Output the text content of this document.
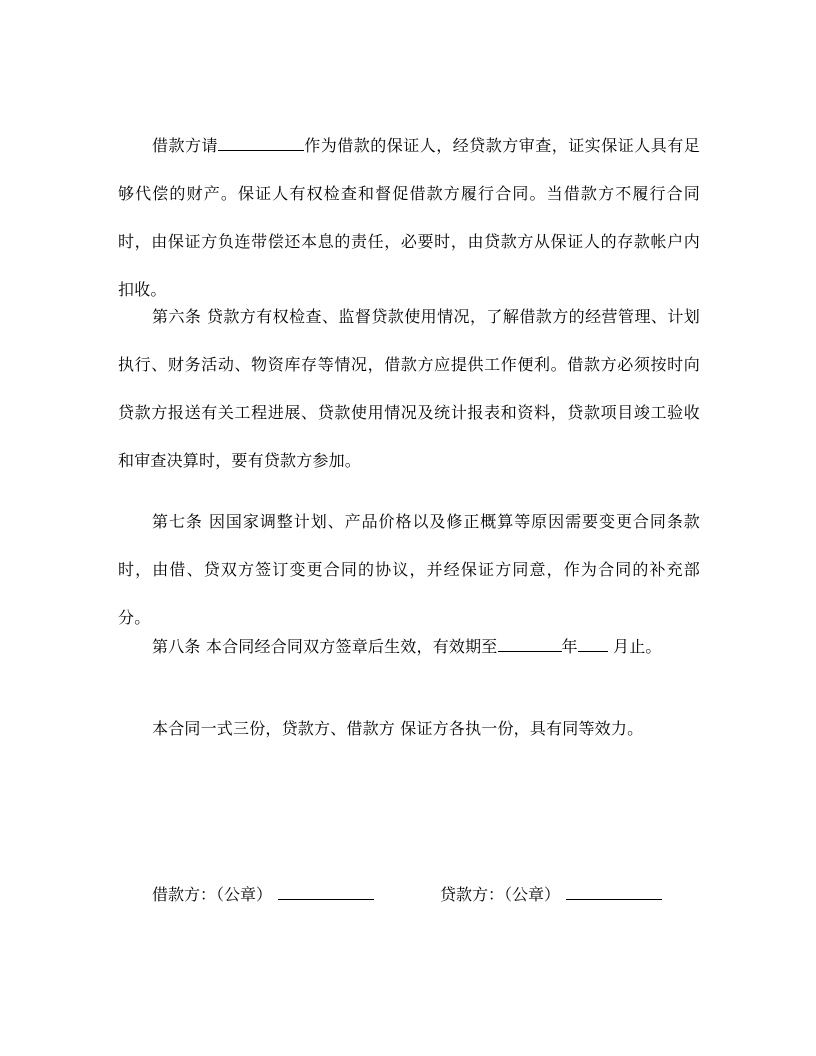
借款方请	作为借款的保证人，经贷款方审查，证实保证人具有足够代偿的财产。保证人有权检查和督促借款方履行合同。当借款方不履行合同时，由保证方负连带偿还本息的责任，必要时，由贷款方从保证人的存款帐户内扣收。

第六条 贷款方有权检查、监督贷款使用情况，了解借款方的经营管理、计划执行、财务活动、物资库存等情况，借款方应提供工作便利。借款方必须按时向贷款方报送有关工程进展、贷款使用情况及统计报表和资料，贷款项目竣工验收和审查决算时，要有贷款方参加。

第七条 因国家调整计划、产品价格以及修正概算等原因需要变更合同条款时，由借、贷双方签订变更合同的协议，并经保证方同意，作为合同的补充部分。

第八条 本合同经合同双方签章后生效，有效期至	年 月止。

本合同一式三份，贷款方、借款方 保证方各执一份，具有同等效力。

借款方：（公章）	贷款方：（公章）
